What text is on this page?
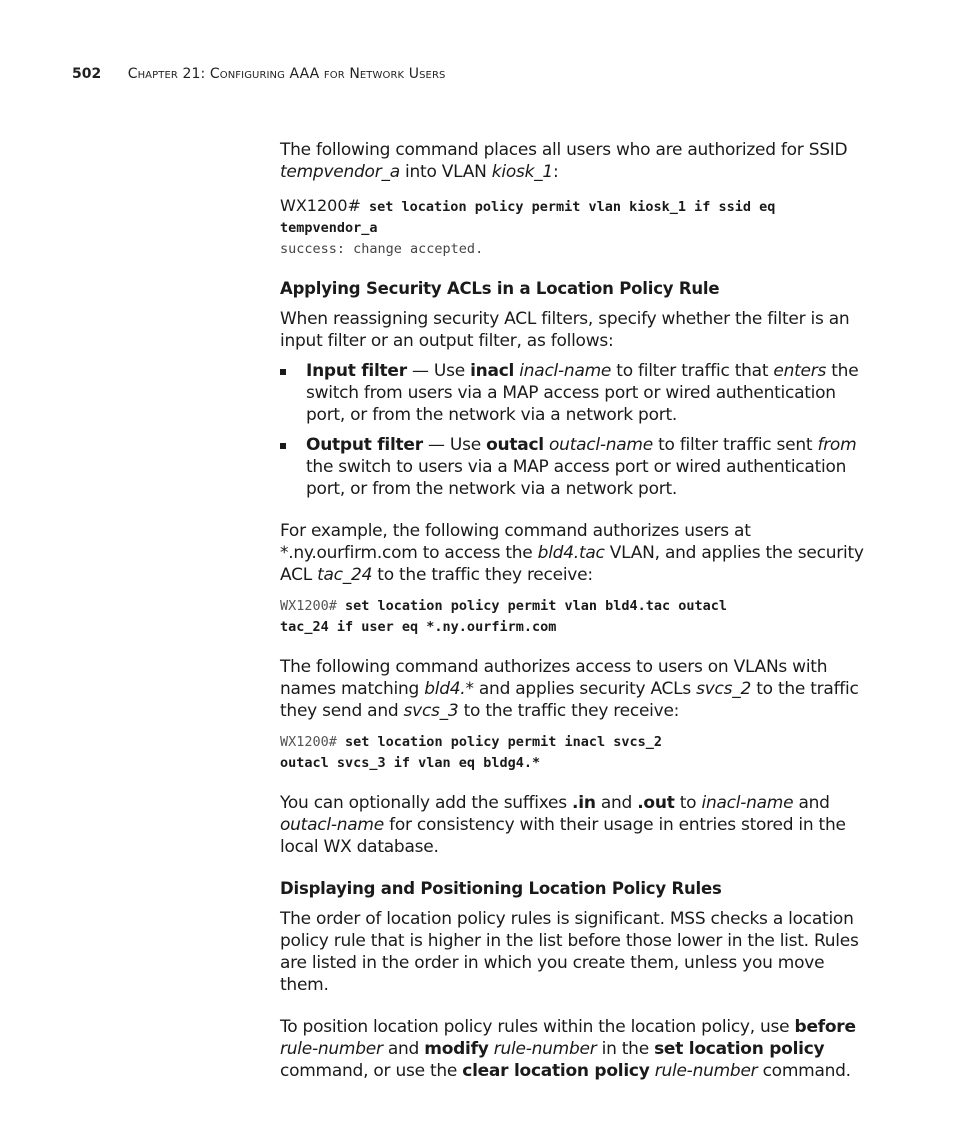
502 Chapter 21: Configuring AAA for Network Users

The following command places all users who are authorized for SSID tempvendor_a into VLAN kiosk_1:

WX1200# set location policy permit vlan kiosk_1 if ssid eq
tempvendor_a
success: change accepted.
Applying Security ACLs in a Location Policy Rule

When reassigning security ACL filters, specify whether the filter is an input filter or an output filter, as follows:

Input filter — Use inacl inacl-name to filter traffic that enters the switch from users via a MAP access port or wired authentication port, or from the network via a network port.

Output filter — Use outacl outacl-name to filter traffic sent from the switch to users via a MAP access port or wired authentication port, or from the network via a network port.

For example, the following command authorizes users at *.ny.ourfirm.com to access the bld4.tac VLAN, and applies the security ACL tac_24 to the traffic they receive:

WX1200# set location policy permit vlan bld4.tac outacl
tac_24 if user eq *.ny.ourfirm.com

The following command authorizes access to users on VLANs with names matching bld4.* and applies security ACLs svcs_2 to the traffic they send and svcs_3 to the traffic they receive:

WX1200# set location policy permit inacl svcs_2
outacl svcs_3 if vlan eq bldg4.*

You can optionally add the suffixes .in and .out to inacl-name and outacl-name for consistency with their usage in entries stored in the local WX database.

Displaying and Positioning Location Policy Rules

The order of location policy rules is significant. MSS checks a location policy rule that is higher in the list before those lower in the list. Rules are listed in the order in which you create them, unless you move them.

To position location policy rules within the location policy, use before rule-number and modify rule-number in the set location policy command, or use the clear location policy rule-number command.
